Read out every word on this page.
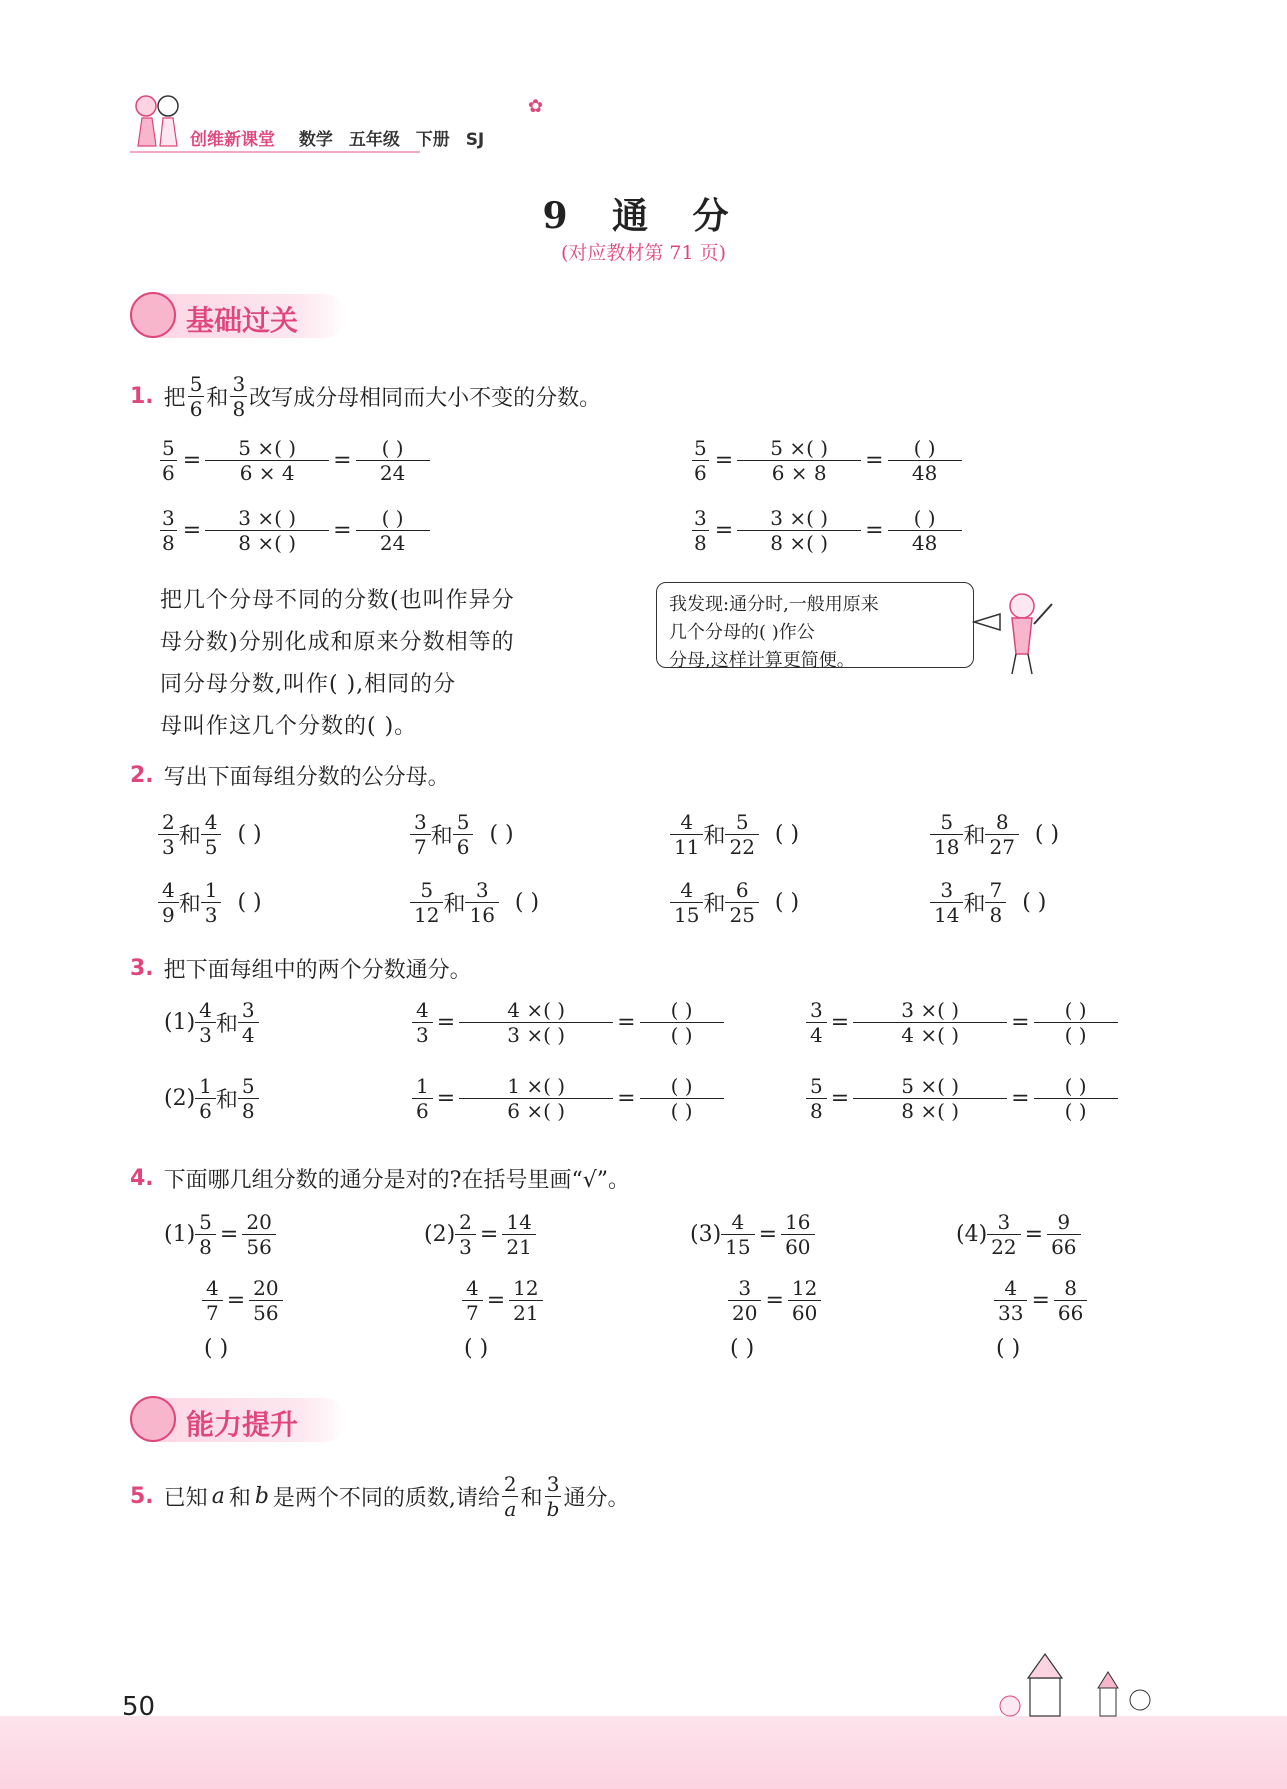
创维新课堂 数学 五年级 下册 SJ
✿
9 通 分
(对应教材第 71 页)
基础过关
1. 把 $\frac{5}{6}$ 和 $\frac{3}{8}$ 改写成分母相同而大小不变的分数。
$\frac{5}{6} = \frac{5 \times( )}{6 \times 4} = \frac{( )}{24}$
$\frac{3}{8} = \frac{3 \times( )}{8 \times( )} = \frac{( )}{24}$
$\frac{5}{6} = \frac{5 \times( )}{6 \times 8} = \frac{( )}{48}$
$\frac{3}{8} = \frac{3 \times( )}{8 \times( )} = \frac{( )}{48}$
把几个分母不同的分数(也叫作异分
母分数)分别化成和原来分数相等的
同分母分数,叫作( ),相同的分
母叫作这几个分数的( )。
我发现:通分时,一般用原来
几个分母的( )作公
分母,这样计算更简便。
2. 写出下面每组分数的公分母。
$\frac{2}{3}$ 和 $\frac{4}{5}$ ( )	$\frac{3}{7}$ 和 $\frac{5}{6}$ ( )	$\frac{4}{11}$ 和 $\frac{5}{22}$ ( )	$\frac{5}{18}$ 和 $\frac{8}{27}$ ( )
$\frac{4}{9}$ 和 $\frac{1}{3}$ ( )	$\frac{5}{12}$ 和 $\frac{3}{16}$ ( )	$\frac{4}{15}$ 和 $\frac{6}{25}$ ( )	$\frac{3}{14}$ 和 $\frac{7}{8}$ ( )
3. 把下面每组中的两个分数通分。
$(1) \frac{4}{3}$ 和 $\frac{3}{4}$	$\frac{4}{3} = \frac{4 \times( )}{3 \times( )} = \frac{( )}{( )}$	$\frac{3}{4} = \frac{3 \times( )}{4 \times( )} = \frac{( )}{( )}$
$(2) \frac{1}{6}$ 和 $\frac{5}{8}$	$\frac{1}{6} = \frac{1 \times( )}{6 \times( )} = \frac{( )}{( )}$	$\frac{5}{8} = \frac{5 \times( )}{8 \times( )} = \frac{( )}{( )}$
4. 下面哪几组分数的通分是对的?在括号里画“√”。
$(1) \frac{5}{8} = \frac{20}{56}$
$\frac{4}{7} = \frac{20}{56}$
( )
$(2) \frac{2}{3} = \frac{14}{21}$
$\frac{4}{7} = \frac{12}{21}$
( )
$(3) \frac{4}{15} = \frac{16}{60}$
$\frac{3}{20} = \frac{12}{60}$
( )
$(4) \frac{3}{22} = \frac{9}{66}$
$\frac{4}{33} = \frac{8}{66}$
( )
能力提升
5. 已知 a 和 b 是两个不同的质数,请给 $\frac{2}{a}$ 和 $\frac{3}{b}$ 通分。
50
